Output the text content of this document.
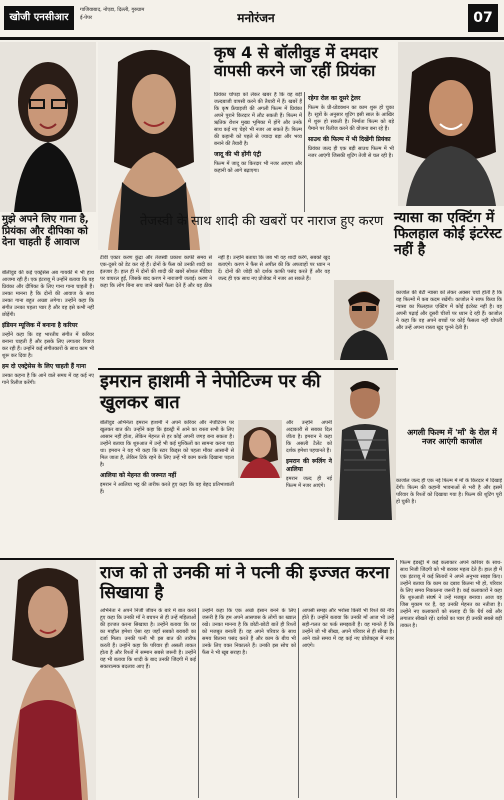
खोजी एनसीआर
गाजियाबाद, नोएडा, दिल्ली, गुरुग्राम
ई-पेपर	मनोरंजन	07
कृष 4 से बॉलीवुड में दमदार वापसी करने जा रहीं प्रियंका
प्रियंका चोपड़ा को लेकर खबर है कि वह बड़ी जल्दबाजी वापसी करने की तैयारी में हैं। खबरें हैं कि कृष फ्रैंचाइजी की अगली फिल्म में प्रियंका अपने पुराने किरदार में लौट सकती हैं। फिल्म में ऋतिक रोशन मुख्य भूमिका में होंगे और उनके साथ कई नए चेहरे भी नजर आ सकते हैं। फिल्म की कहानी को पहले से ज्यादा बड़ा और भव्य बनाने की तैयारी है।
जादू की भी होंगी एंट्री
फिल्म में जादू का किरदार भी नजर आएगा और कहानी को आगे बढ़ाएगा।
रहेगा रोल का दूसरे ट्रेलर
फिल्म के प्री-प्रोडक्शन का काम शुरू हो चुका है। सूत्रों के अनुसार शूटिंग इसी साल के आखिर में शुरू हो सकती है। निर्माता फिल्म को बड़े पैमाने पर रिलीज करने की योजना बना रहे हैं।
साउथ की फिल्म में भी दिखेंगी प्रियंका
प्रियंका जल्द ही एक बड़ी साउथ फिल्म में भी नजर आएंगी जिसकी शूटिंग तेजी से चल रही है।
न्यासा का एक्टिंग में फिलहाल कोई इंटरेस्ट नहीं है
मुझे अपने लिए गाना है, प्रियंका और दीपिका को देना चाहती हैं आवाज
बॉलीवुड की कई एक्ट्रेसेस अब गायकी में भी हाथ आजमा रही हैं। एक इंटरव्यू में उन्होंने बताया कि वह प्रियंका और दीपिका के लिए गाना गाना चाहती हैं। उनका मानना है कि दोनों की आवाज के साथ उनका गाना बहुत अच्छा लगेगा। उन्होंने कहा कि संगीत उनका पहला प्यार है और वह इसे कभी नहीं छोड़ेंगी।
इंडियन म्यूजिक में बनाना है करियर
उन्होंने कहा कि वह भारतीय संगीत में करियर बनाना चाहती हैं और इसके लिए लगातार रियाज कर रही हैं। उन्होंने कई संगीतकारों के साथ काम भी शुरू कर दिया है।
हम दो एक्ट्रेसेस के लिए चाहती हैं गाना
उनका कहना है कि आने वाले समय में वह कई नए गाने रिलीज करेंगी।
तेजस्वी के साथ शादी की खबरों पर नाराज हुए करण
टीवी एक्टर करण कुंद्रा और तेजस्वी प्रकाश काफी समय से एक-दूसरे को डेट कर रहे हैं। दोनों के फैंस को उनकी शादी का इंतजार है। हाल ही में दोनों की शादी की खबरें सोशल मीडिया पर वायरल हुईं, जिसके बाद करण ने नाराजगी जताई। करण ने कहा कि लोग बिना सच जाने खबरें फैला देते हैं और यह ठीक नहीं है। उन्होंने बताया कि जब भी वह शादी करेंगे, सबको खुद बताएंगे। करण ने फैंस से अपील की कि अफवाहों पर ध्यान न दें। दोनों की जोड़ी को दर्शक काफी पसंद करते हैं और वह जल्द ही एक साथ नए प्रोजेक्ट में नजर आ सकते हैं।
काजोल की बेटी न्यासा को लेकर अक्सर चर्चा होती है कि वह फिल्मों में कब कदम रखेंगी। काजोल ने साफ किया कि न्यासा का फिलहाल एक्टिंग में कोई इंटरेस्ट नहीं है। वह अपनी पढ़ाई और दूसरी चीजों पर ध्यान दे रही हैं। काजोल ने कहा कि वह अपने बच्चों पर कोई फैसला नहीं थोपतीं और उन्हें अपना रास्ता खुद चुनने देती हैं।
अगली फिल्म में 'माँ' के रोल में नजर आएंगी काजोल
काजोल जल्द ही एक नई फिल्म में माँ के किरदार में दिखाई देंगी। फिल्म की कहानी भावनाओं से भरी है और इसमें परिवार के रिश्तों को दिखाया गया है। फिल्म की शूटिंग पूरी हो चुकी है।
इमरान हाशमी ने नेपोटिज्म पर की खुलकर बात
बॉलीवुड अभिनेता इमरान हाशमी ने अपने करियर और नेपोटिज्म पर खुलकर बात की। उन्होंने कहा कि इंडस्ट्री में आने का रास्ता सभी के लिए आसान नहीं होता, लेकिन मेहनत से हर कोई अपनी जगह बना सकता है। उन्होंने बताया कि शुरुआत में उन्हें भी कई मुश्किलों का सामना करना पड़ा था। इमरान ने यह भी कहा कि स्टार किड्स को पहला मौका आसानी से मिल जाता है, लेकिन टिके रहने के लिए उन्हें भी काम करके दिखाना पड़ता है।
आलिया को मेहनत की जरूरत नहीं
इमरान ने आलिया भट्ट की तारीफ करते हुए कहा कि वह बेहद प्रतिभाशाली हैं।
और उन्होंने अपनी अदाकारी से सबका दिल जीता है। इमरान ने कहा कि असली टैलेंट को दर्शक हमेशा पहचानते हैं।
इमरान की रूलिंग ने आलिया
इमरान जल्द ही नई फिल्म में नजर आएंगे।
राज को तो उनकी मां ने पत्नी की इज्जत करना सिखाया है
अभिनेता ने अपने निजी जीवन के बारे में बात करते हुए कहा कि उनकी माँ ने बचपन से ही उन्हें महिलाओं की इज्जत करना सिखाया है। उन्होंने बताया कि घर का माहौल हमेशा ऐसा रहा जहाँ सबको बराबरी का दर्जा मिला। उनकी पत्नी भी इस बात की तारीफ करती हैं। उन्होंने कहा कि परिवार ही असली ताकत होता है और रिश्तों में सम्मान सबसे जरूरी है। उन्होंने यह भी बताया कि शादी के बाद उनकी जिंदगी में कई सकारात्मक बदलाव आए हैं।
उन्होंने कहा कि एक अच्छे इंसान बनने के लिए जरूरी है कि हम अपने आसपास के लोगों का ख्याल रखें। उनका मानना है कि छोटी-छोटी बातें ही रिश्तों को मजबूत बनाती हैं। वह अपने परिवार के साथ समय बिताना पसंद करते हैं और काम के बीच भी उनके लिए वक्त निकालते हैं। उनकी इस सोच को फैंस ने भी खूब सराहा है।
आपसी समझ और भरोसा किसी भी रिश्ते की नींव होते हैं। उन्होंने बताया कि उनकी माँ आज भी उन्हें सही-गलत का फर्क समझाती हैं। वह मानते हैं कि उन्होंने जो भी सीखा, अपने परिवार से ही सीखा है। आने वाले समय में वह कई नए प्रोजेक्ट्स में नजर आएंगे।
फिल्म इंडस्ट्री में कई कलाकार अपने करियर के साथ-साथ निजी जिंदगी को भी बराबर महत्व देते हैं। हाल ही में एक इंटरव्यू में कई सितारों ने अपने अनुभव साझा किए। उन्होंने बताया कि काम का दबाव कितना भी हो, परिवार के लिए समय निकालना जरूरी है। कई कलाकारों ने कहा कि शुरुआती संघर्ष ने उन्हें मजबूत बनाया। आज वह जिस मुकाम पर हैं, वह उनकी मेहनत का नतीजा है। उन्होंने नए कलाकारों को सलाह दी कि धैर्य रखें और लगातार सीखते रहें। दर्शकों का प्यार ही उनकी सबसे बड़ी ताकत है।
